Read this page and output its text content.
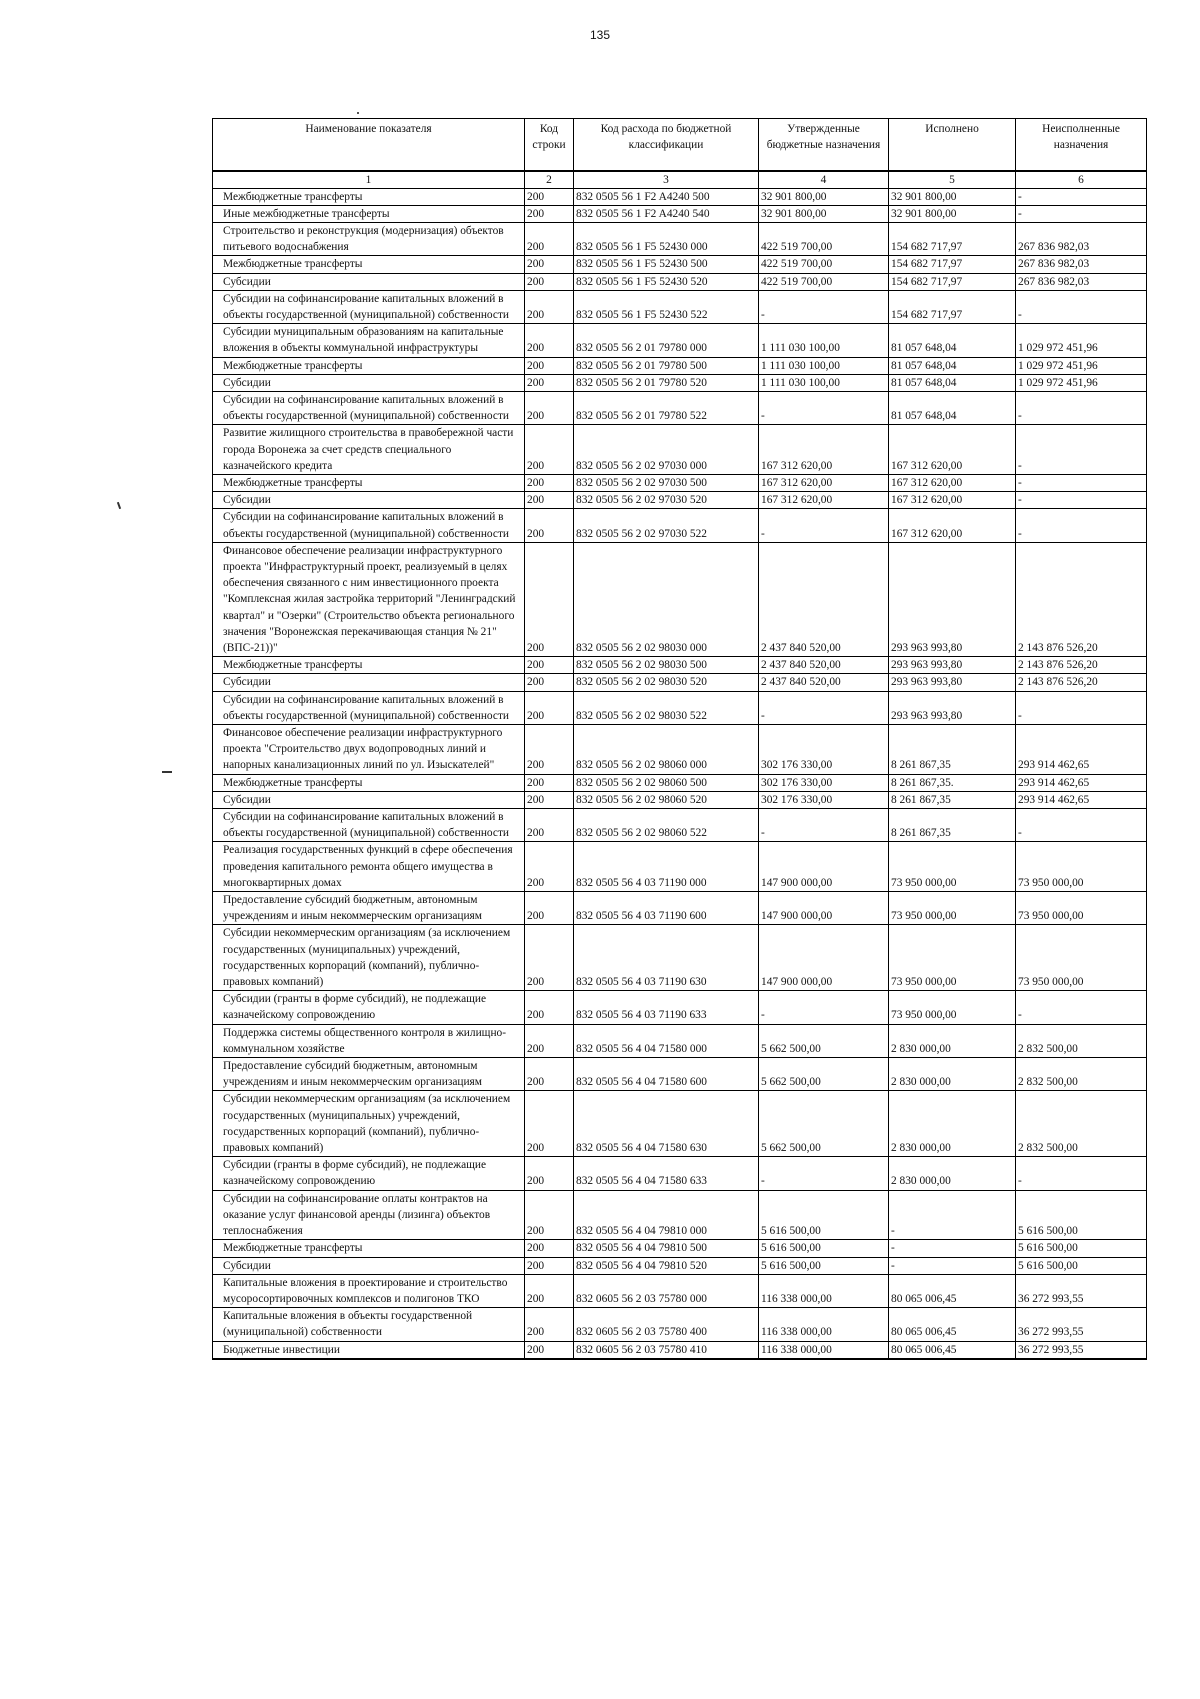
135
Наименование показателя	Код строки	Код расхода по бюджетной классификации	Утвержденные бюджетные назначения	Исполнено	Неисполненные назначения
1	2	3	4	5	6
Межбюджетные трансферты	200	832 0505 56 1 F2 A4240 500	32 901 800,00	32 901 800,00	-
Иные межбюджетные трансферты	200	832 0505 56 1 F2 A4240 540	32 901 800,00	32 901 800,00	-
Строительство и реконструкция (модернизация) объектов питьевого водоснабжения	200	832 0505 56 1 F5 52430 000	422 519 700,00	154 682 717,97	267 836 982,03
Межбюджетные трансферты	200	832 0505 56 1 F5 52430 500	422 519 700,00	154 682 717,97	267 836 982,03
Субсидии	200	832 0505 56 1 F5 52430 520	422 519 700,00	154 682 717,97	267 836 982,03
Субсидии на софинансирование капитальных вложений в объекты государственной (муниципальной) собственности	200	832 0505 56 1 F5 52430 522	-	154 682 717,97	-
Субсидии муниципальным образованиям на капитальные вложения в объекты коммунальной инфраструктуры	200	832 0505 56 2 01 79780 000	1 111 030 100,00	81 057 648,04	1 029 972 451,96
Межбюджетные трансферты	200	832 0505 56 2 01 79780 500	1 111 030 100,00	81 057 648,04	1 029 972 451,96
Субсидии	200	832 0505 56 2 01 79780 520	1 111 030 100,00	81 057 648,04	1 029 972 451,96
Субсидии на софинансирование капитальных вложений в объекты государственной (муниципальной) собственности	200	832 0505 56 2 01 79780 522	-	81 057 648,04	-
Развитие жилищного строительства в правобережной части города Воронежа за счет средств специального казначейского кредита	200	832 0505 56 2 02 97030 000	167 312 620,00	167 312 620,00	-
Межбюджетные трансферты	200	832 0505 56 2 02 97030 500	167 312 620,00	167 312 620,00	-
Субсидии	200	832 0505 56 2 02 97030 520	167 312 620,00	167 312 620,00	-
Субсидии на софинансирование капитальных вложений в объекты государственной (муниципальной) собственности	200	832 0505 56 2 02 97030 522	-	167 312 620,00	-
Финансовое обеспечение реализации инфраструктурного проекта "Инфраструктурный проект, реализуемый в целях обеспечения связанного с ним инвестиционного проекта "Комплексная жилая застройка территорий "Ленинградский квартал" и "Озерки" (Строительство объекта регионального значения "Воронежская перекачивающая станция № 21" (ВПС-21))"	200	832 0505 56 2 02 98030 000	2 437 840 520,00	293 963 993,80	2 143 876 526,20
Межбюджетные трансферты	200	832 0505 56 2 02 98030 500	2 437 840 520,00	293 963 993,80	2 143 876 526,20
Субсидии	200	832 0505 56 2 02 98030 520	2 437 840 520,00	293 963 993,80	2 143 876 526,20
Субсидии на софинансирование капитальных вложений в объекты государственной (муниципальной) собственности	200	832 0505 56 2 02 98030 522	-	293 963 993,80	-
Финансовое обеспечение реализации инфраструктурного проекта "Строительство двух водопроводных линий и напорных канализационных линий по ул. Изыскателей"	200	832 0505 56 2 02 98060 000	302 176 330,00	8 261 867,35	293 914 462,65
Межбюджетные трансферты	200	832 0505 56 2 02 98060 500	302 176 330,00	8 261 867,35.	293 914 462,65
Субсидии	200	832 0505 56 2 02 98060 520	302 176 330,00	8 261 867,35	293 914 462,65
Субсидии на софинансирование капитальных вложений в объекты государственной (муниципальной) собственности	200	832 0505 56 2 02 98060 522	-	8 261 867,35	-
Реализация государственных функций в сфере обеспечения проведения капитального ремонта общего имущества в многоквартирных домах	200	832 0505 56 4 03 71190 000	147 900 000,00	73 950 000,00	73 950 000,00
Предоставление субсидий бюджетным, автономным учреждениям и иным некоммерческим организациям	200	832 0505 56 4 03 71190 600	147 900 000,00	73 950 000,00	73 950 000,00
Субсидии некоммерческим организациям (за исключением государственных (муниципальных) учреждений, государственных корпораций (компаний), публично-правовых компаний)	200	832 0505 56 4 03 71190 630	147 900 000,00	73 950 000,00	73 950 000,00
Субсидии (гранты в форме субсидий), не подлежащие казначейскому сопровождению	200	832 0505 56 4 03 71190 633	-	73 950 000,00	-
Поддержка системы общественного контроля в жилищно-коммунальном хозяйстве	200	832 0505 56 4 04 71580 000	5 662 500,00	2 830 000,00	2 832 500,00
Предоставление субсидий бюджетным, автономным учреждениям и иным некоммерческим организациям	200	832 0505 56 4 04 71580 600	5 662 500,00	2 830 000,00	2 832 500,00
Субсидии некоммерческим организациям (за исключением государственных (муниципальных) учреждений, государственных корпораций (компаний), публично-правовых компаний)	200	832 0505 56 4 04 71580 630	5 662 500,00	2 830 000,00	2 832 500,00
Субсидии (гранты в форме субсидий), не подлежащие казначейскому сопровождению	200	832 0505 56 4 04 71580 633	-	2 830 000,00	-
Субсидии на софинансирование оплаты контрактов на оказание услуг финансовой аренды (лизинга) объектов теплоснабжения	200	832 0505 56 4 04 79810 000	5 616 500,00	-	5 616 500,00
Межбюджетные трансферты	200	832 0505 56 4 04 79810 500	5 616 500,00	-	5 616 500,00
Субсидии	200	832 0505 56 4 04 79810 520	5 616 500,00	-	5 616 500,00
Капитальные вложения в проектирование и строительство мусоросортировочных комплексов и полигонов ТКО	200	832 0605 56 2 03 75780 000	116 338 000,00	80 065 006,45	36 272 993,55
Капитальные вложения в объекты государственной (муниципальной) собственности	200	832 0605 56 2 03 75780 400	116 338 000,00	80 065 006,45	36 272 993,55
Бюджетные инвестиции	200	832 0605 56 2 03 75780 410	116 338 000,00	80 065 006,45	36 272 993,55
